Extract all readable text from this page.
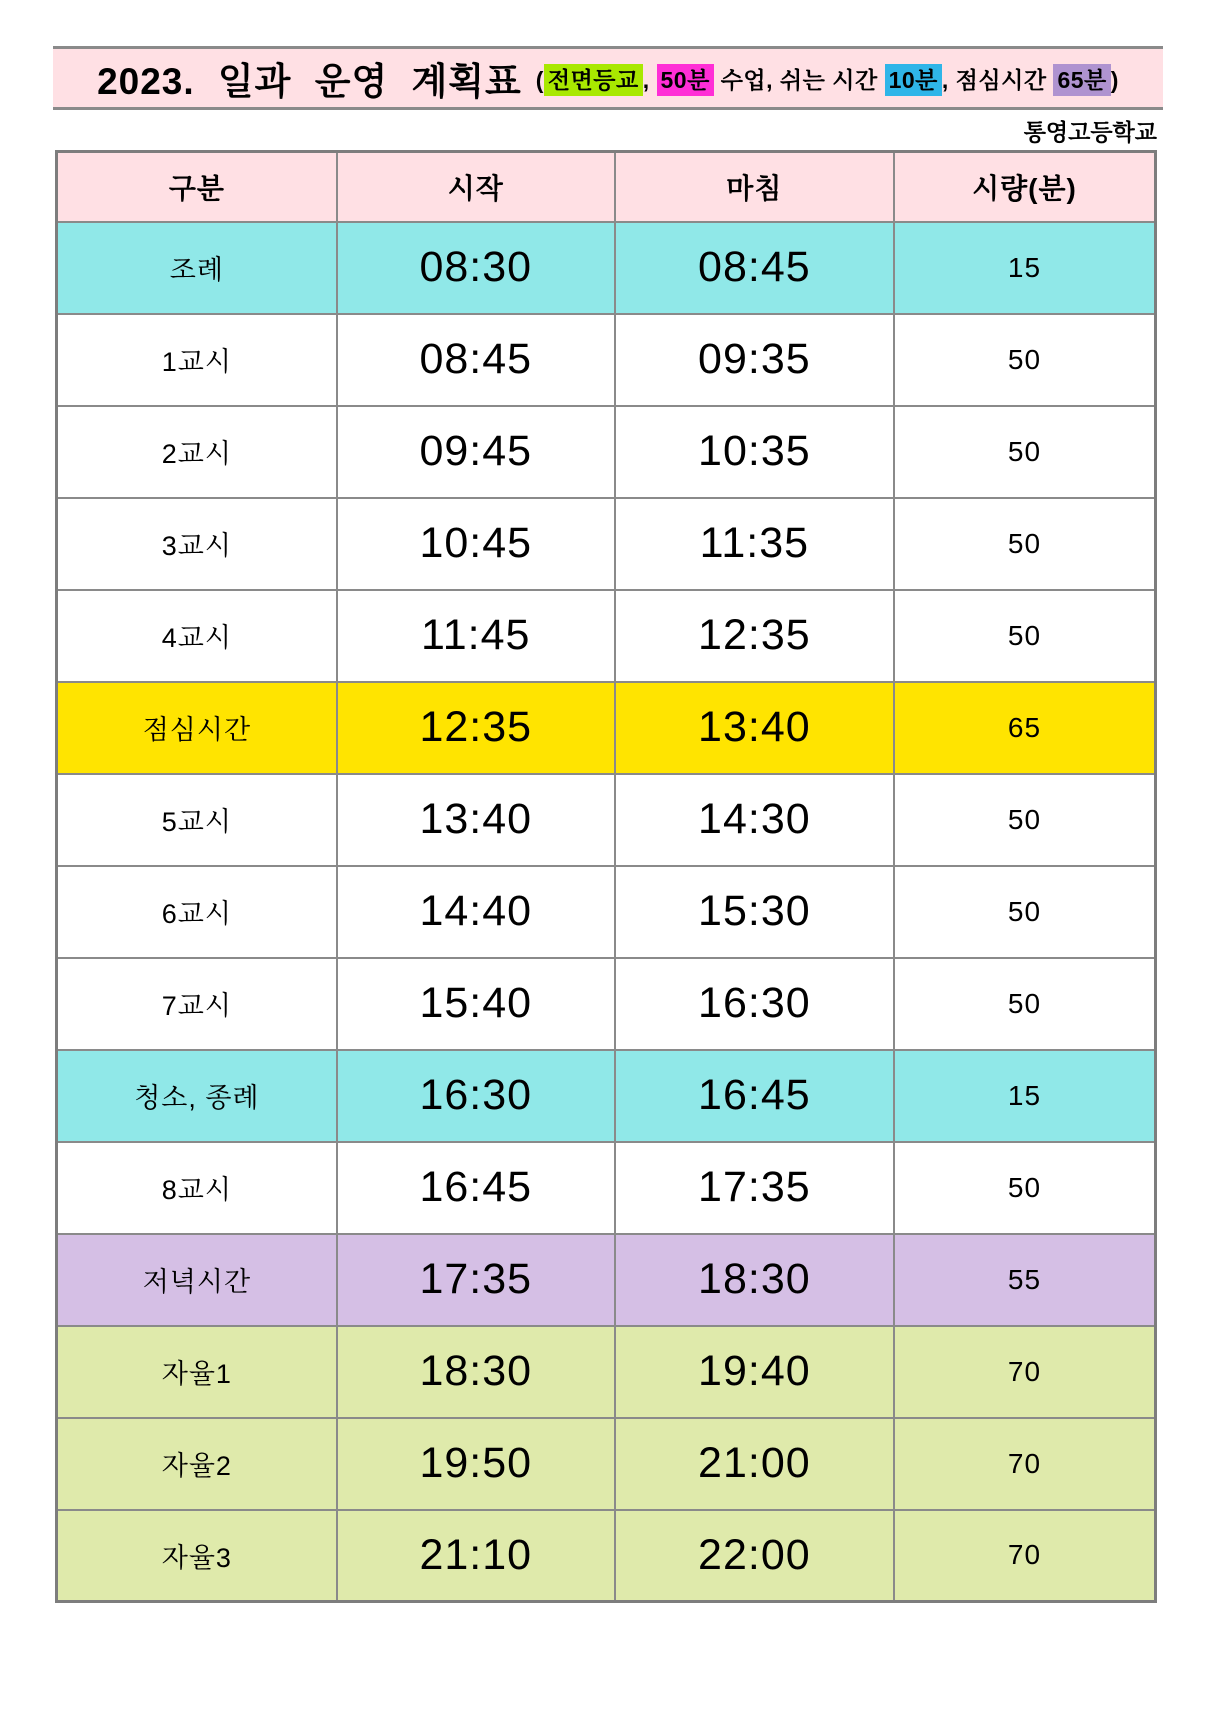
2023. 일과 운영 계획표 ( 전면등교 , 50분 수업, 쉬는 시간 10분 , 점심시간 65분 )
통영고등학교
구분	시작	마침	시량(분)
조례	08:30	08:45	15
1교시	08:45	09:35	50
2교시	09:45	10:35	50
3교시	10:45	11:35	50
4교시	11:45	12:35	50
점심시간	12:35	13:40	65
5교시	13:40	14:30	50
6교시	14:40	15:30	50
7교시	15:40	16:30	50
청소, 종례	16:30	16:45	15
8교시	16:45	17:35	50
저녁시간	17:35	18:30	55
자율1	18:30	19:40	70
자율2	19:50	21:00	70
자율3	21:10	22:00	70
